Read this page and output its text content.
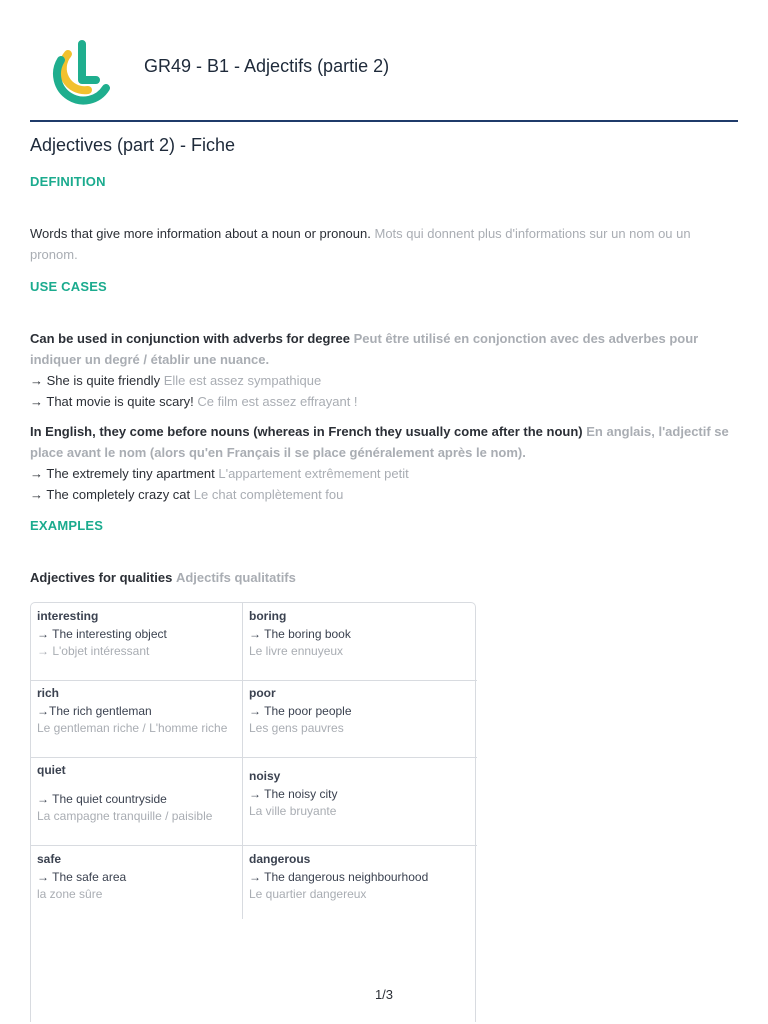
GR49 - B1 - Adjectifs (partie 2)
Adjectives (part 2) - Fiche
DEFINITION
Words that give more information about a noun or pronoun. Mots qui donnent plus d'informations sur un nom ou un pronom.
USE CASES
Can be used in conjunction with adverbs for degree Peut être utilisé en conjonction avec des adverbes pour indiquer un degré / établir une nuance.
→ She is quite friendly Elle est assez sympathique
→ That movie is quite scary! Ce film est assez effrayant !
In English, they come before nouns (whereas in French they usually come after the noun) En anglais, l'adjectif se place avant le nom (alors qu'en Français il se place généralement après le nom).
→ The extremely tiny apartment L'appartement extrêmement petit
→ The completely crazy cat Le chat complètement fou
EXAMPLES
Adjectives for qualities Adjectifs qualitatifs
interesting
→ The interesting object
→ L'objet intéressant
boring
→ The boring book
Le livre ennuyeux
rich
→The rich gentleman
Le gentleman riche / L'homme riche
poor
→ The poor people
Les gens pauvres
quiet
→ The quiet countryside
La campagne tranquille / paisible
noisy
→ The noisy city
La ville bruyante
safe
→ The safe area
la zone sûre
dangerous
→ The dangerous neighbourhood
Le quartier dangereux
1/3
